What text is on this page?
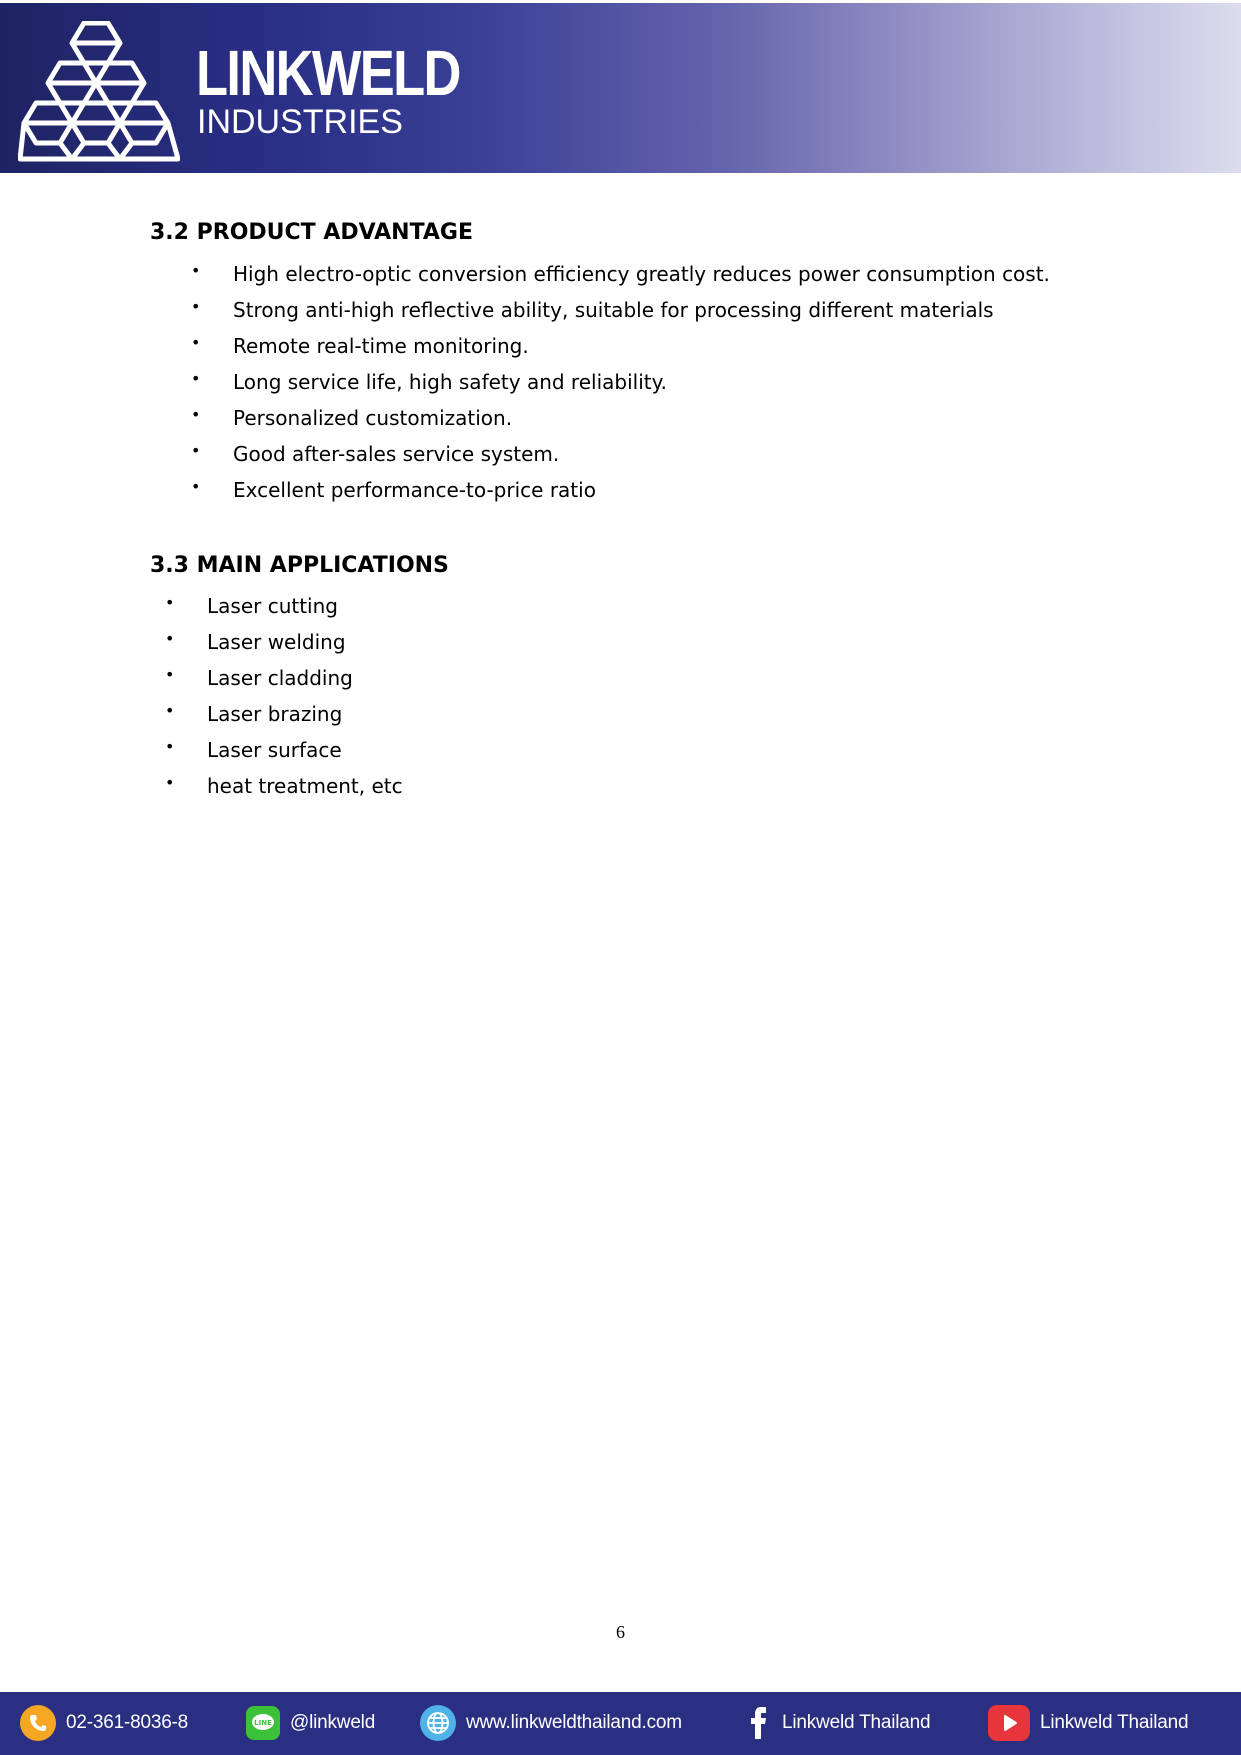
LINKWELD
INDUSTRIES
3.2 PRODUCT ADVANTAGE
• High electro-optic conversion efficiency greatly reduces power consumption cost.
• Strong anti-high reflective ability, suitable for processing different materials
• Remote real-time monitoring.
• Long service life, high safety and reliability.
• Personalized customization.
• Good after-sales service system.
• Excellent performance-to-price ratio
3.3 MAIN APPLICATIONS
• Laser cutting
• Laser welding
• Laser cladding
• Laser brazing
• Laser surface
• heat treatment, etc
6
02-361-8036-8	LINE @linkweld	www.linkweldthailand.com	Linkweld Thailand	Linkweld Thailand
